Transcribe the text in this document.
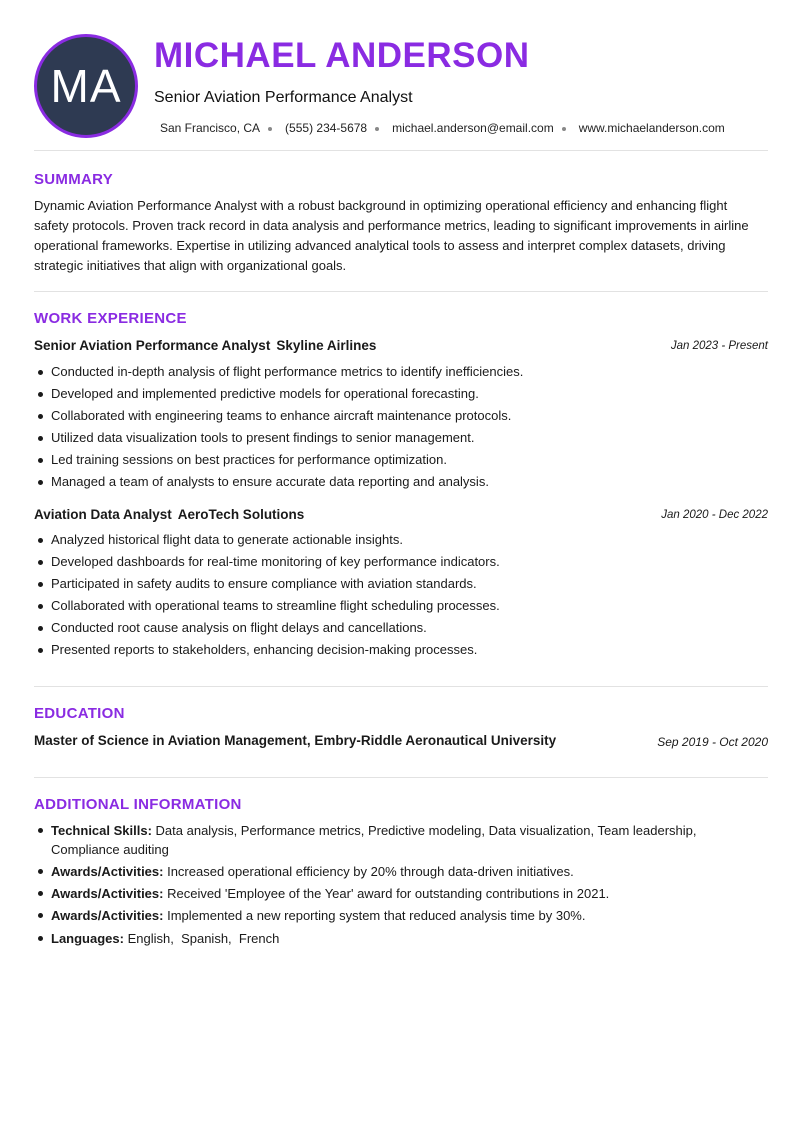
MA
MICHAEL ANDERSON
Senior Aviation Performance Analyst
San Francisco, CA (555) 234-5678 michael.anderson@email.com www.michaelanderson.com
SUMMARY

Dynamic Aviation Performance Analyst with a robust background in optimizing operational efficiency and enhancing flight safety protocols. Proven track record in data analysis and performance metrics, leading to significant improvements in airline operational frameworks. Expertise in utilizing advanced analytical tools to assess and interpret complex datasets, driving strategic initiatives that align with organizational goals.

WORK EXPERIENCE
Senior Aviation Performance Analyst Skyline Airlines	Jan 2023 - Present
Conducted in-depth analysis of flight performance metrics to identify inefficiencies.
Developed and implemented predictive models for operational forecasting.
Collaborated with engineering teams to enhance aircraft maintenance protocols.
Utilized data visualization tools to present findings to senior management.
Led training sessions on best practices for performance optimization.
Managed a team of analysts to ensure accurate data reporting and analysis.
Aviation Data Analyst AeroTech Solutions	Jan 2020 - Dec 2022
Analyzed historical flight data to generate actionable insights.
Developed dashboards for real-time monitoring of key performance indicators.
Participated in safety audits to ensure compliance with aviation standards.
Collaborated with operational teams to streamline flight scheduling processes.
Conducted root cause analysis on flight delays and cancellations.
Presented reports to stakeholders, enhancing decision-making processes.
EDUCATION
Master of Science in Aviation Management, Embry-Riddle Aeronautical University	Sep 2019 - Oct 2020
ADDITIONAL INFORMATION
Technical Skills: Data analysis, Performance metrics, Predictive modeling, Data visualization, Team leadership, Compliance auditing
Awards/Activities: Increased operational efficiency by 20% through data-driven initiatives.
Awards/Activities: Received 'Employee of the Year' award for outstanding contributions in 2021.
Awards/Activities: Implemented a new reporting system that reduced analysis time by 30%.
Languages: English,  Spanish,  French
